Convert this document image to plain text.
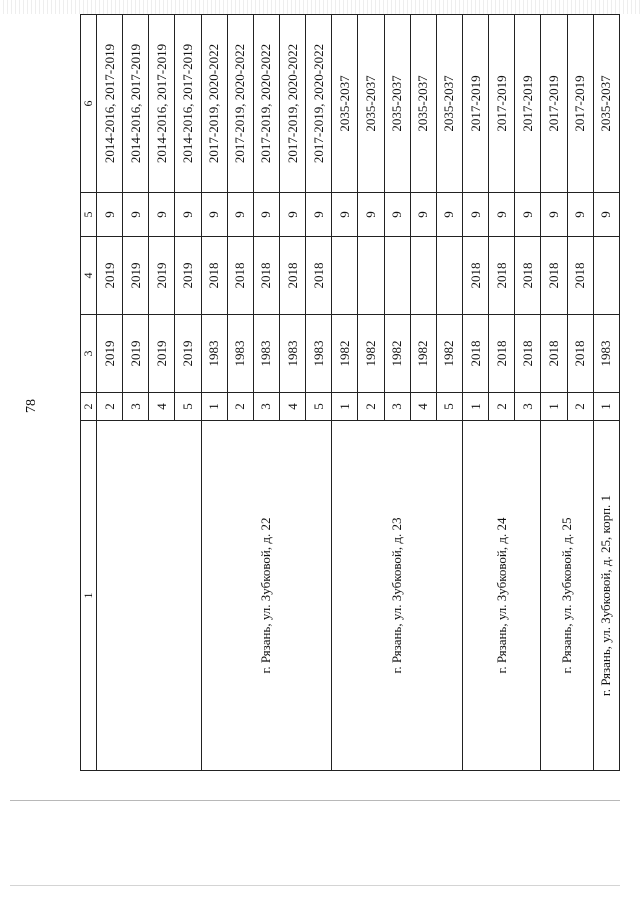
78
1	2	3	4	5	6
	2	2019	2019	9	2014-2016, 2017-2019
	3	2019	2019	9	2014-2016, 2017-2019
	4	2019	2019	9	2014-2016, 2017-2019
	5	2019	2019	9	2014-2016, 2017-2019
г. Рязань, ул. Зубковой, д. 22	1	1983	2018	9	2017-2019, 2020-2022
	2	1983	2018	9	2017-2019, 2020-2022
	3	1983	2018	9	2017-2019, 2020-2022
	4	1983	2018	9	2017-2019, 2020-2022
	5	1983	2018	9	2017-2019, 2020-2022
г. Рязань, ул. Зубковой, д. 23	1	1982		9	2035-2037
	2	1982		9	2035-2037
	3	1982		9	2035-2037
	4	1982		9	2035-2037
	5	1982		9	2035-2037
г. Рязань, ул. Зубковой, д. 24	1	2018	2018	9	2017-2019
	2	2018	2018	9	2017-2019
	3	2018	2018	9	2017-2019
г. Рязань, ул. Зубковой, д. 25	1	2018	2018	9	2017-2019
	2	2018	2018	9	2017-2019
г. Рязань, ул. Зубковой, д. 25, корп. 1	1	1983		9	2035-2037
